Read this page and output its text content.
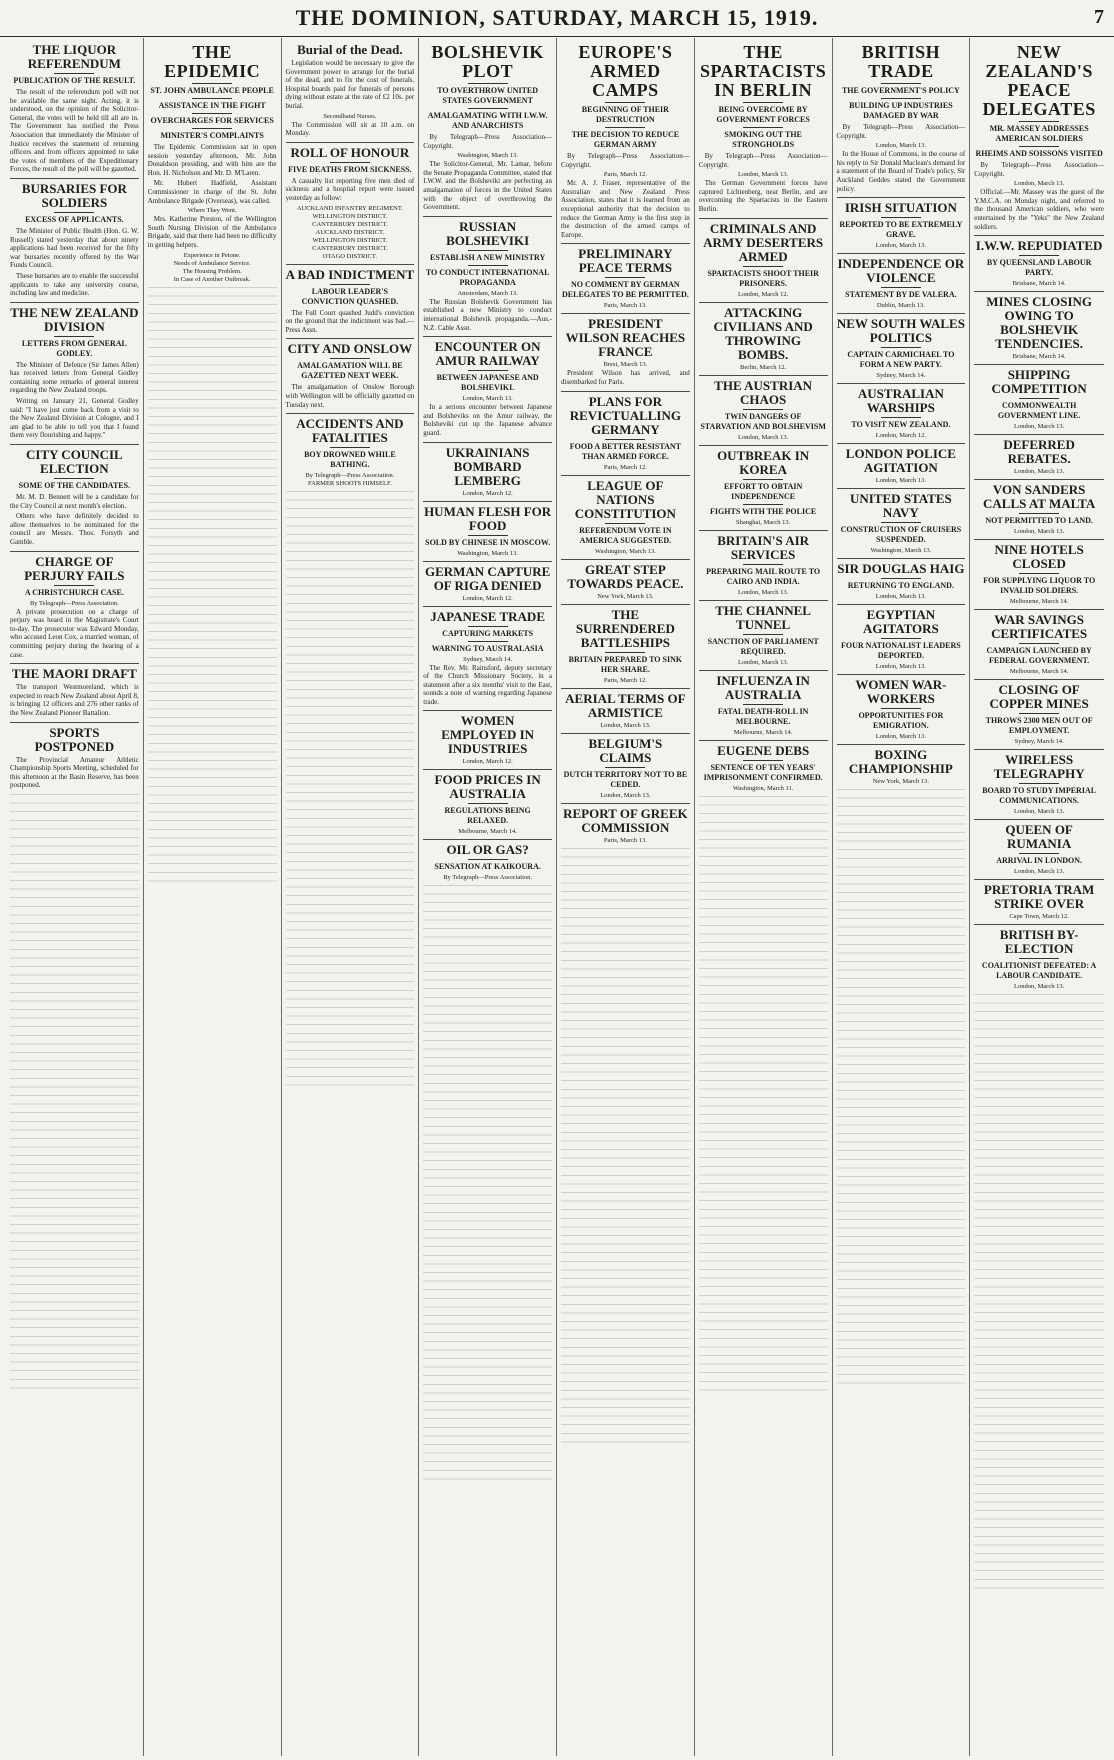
THE DOMINION, SATURDAY, MARCH 15, 1919.	7
THE LIQUOR REFERENDUM
PUBLICATION OF THE RESULT.

The result of the referendum poll will not be available the same night. Acting, it is understood, on the opinion of the Solicitor-General, the votes will be held till all are in. The Government has notified the Press Association that immediately the Minister of Justice receives the statement of returning officers and from officers appointed to take the votes of members of the Expeditionary Forces, the result of the poll will be gazetted.

BURSARIES FOR SOLDIERS
EXCESS OF APPLICANTS.

The Minister of Public Health (Hon. G. W. Russell) stated yesterday that about ninety applications had been received for the fifty war bursaries recently offered by the War Funds Council.

These bursaries are to enable the successful applicants to take any university course, including law and medicine.

THE NEW ZEALAND DIVISION
LETTERS FROM GENERAL GODLEY.

The Minister of Defence (Sir James Allen) has received letters from General Godley containing some remarks of general interest regarding the New Zealand troops.

Writing on January 21, General Godley said: "I have just come back from a visit to the New Zealand Division at Cologne, and I am glad to be able to tell you that I found them very flourishing and happy."

CITY COUNCIL ELECTION
SOME OF THE CANDIDATES.

Mr. M. D. Bennett will be a candidate for the City Council at next month's election.

Others who have definitely decided to allow themselves to be nominated for the council are Messrs. Thos. Forsyth and Gamble.

CHARGE OF PERJURY FAILS
A CHRISTCHURCH CASE.

By Telegraph—Press Association.

A private prosecution on a charge of perjury was heard in the Magistrate's Court to-day. The prosecutor was Edward Monday, who accused Leon Cox, a married woman, of committing perjury during the hearing of a case.

THE MAORI DRAFT

The transport Westmoreland, which is expected to reach New Zealand about April 8, is bringing 12 officers and 276 other ranks of the New Zealand Pioneer Battalion.

SPORTS POSTPONED

The Provincial Amateur Athletic Championship Sports Meeting, scheduled for this afternoon at the Basin Reserve, has been postponed.

THE EPIDEMIC
ST. JOHN AMBULANCE PEOPLE
ASSISTANCE IN THE FIGHT
OVERCHARGES FOR SERVICES
MINISTER'S COMPLAINTS

The Epidemic Commission sat in open session yesterday afternoon, Mr. John Donaldson presiding, and with him are the Hon. H. Nicholson and Mr. D. M'Laren.

Mr. Hubert Hadfield, Assistant Commissioner in charge of the St. John Ambulance Brigade (Overseas), was called.

Where They Went.

Mrs. Katherine Preston, of the Wellington South Nursing Division of the Ambulance Brigade, said that there had been no difficulty in getting helpers.

Experience in Petone.

Needs of Ambulance Service.

The Housing Problem.

In Case of Another Outbreak.

Burial of the Dead.

Legislation would be necessary to give the Government power to arrange for the burial of the dead, and to fix the cost of funerals. Hospital boards paid for funerals of persons dying without estate at the rate of £2 10s. per burial.

Secondhand Nurses.

The Commission will sit at 10 a.m. on Monday.

ROLL OF HONOUR
FIVE DEATHS FROM SICKNESS.

A casualty list reporting five men died of sickness and a hospital report were issued yesterday as follow:

AUCKLAND INFANTRY REGIMENT.

WELLINGTON DISTRICT.

CANTERBURY DISTRICT.

AUCKLAND DISTRICT.

WELLINGTON DISTRICT.

CANTERBURY DISTRICT.

OTAGO DISTRICT.

A BAD INDICTMENT
LABOUR LEADER'S CONVICTION QUASHED.

The Full Court quashed Judd's conviction on the ground that the indictment was bad.—Press Assn.

CITY AND ONSLOW
AMALGAMATION WILL BE GAZETTED NEXT WEEK.

The amalgamation of Onslow Borough with Wellington will be officially gazetted on Tuesday next.

ACCIDENTS AND FATALITIES
BOY DROWNED WHILE BATHING.

By Telegraph—Press Association.

FARMER SHOOTS HIMSELF.

BOLSHEVIK PLOT
TO OVERTHROW UNITED STATES GOVERNMENT
AMALGAMATING WITH I.W.W. AND ANARCHISTS

By Telegraph—Press Association—Copyright.

Washington, March 13.

The Solicitor-General, Mr. Lamar, before the Senate Propaganda Committee, stated that I.W.W. and the Bolsheviki are perfecting an amalgamation of forces in the United States with the object of overthrowing the Government.

RUSSIAN BOLSHEVIKI
ESTABLISH A NEW MINISTRY
TO CONDUCT INTERNATIONAL PROPAGANDA

Amsterdam, March 13.

The Russian Bolshevik Government has established a new Ministry to conduct international Bolshevik propaganda.—Aus.-N.Z. Cable Assn.

ENCOUNTER ON AMUR RAILWAY
BETWEEN JAPANESE AND BOLSHEVIKI.

London, March 13.

In a serious encounter between Japanese and Bolsheviks on the Amur railway, the Bolsheviki cut up the Japanese advance guard.

UKRAINIANS BOMBARD LEMBERG

London, March 12.

HUMAN FLESH FOR FOOD
SOLD BY CHINESE IN MOSCOW.

Washington, March 13.

GERMAN CAPTURE OF RIGA DENIED

London, March 12.

JAPANESE TRADE
CAPTURING MARKETS
WARNING TO AUSTRALASIA

Sydney, March 14.

The Rev. Mr. Rainsford, deputy secretary of the Church Missionary Society, in a statement after a six months' visit to the East, sounds a note of warning regarding Japanese trade.

WOMEN EMPLOYED IN INDUSTRIES

London, March 12.

FOOD PRICES IN AUSTRALIA
REGULATIONS BEING RELAXED.

Melbourne, March 14.

OIL OR GAS?
SENSATION AT KAIKOURA.

By Telegraph—Press Association.

EUROPE'S ARMED CAMPS
BEGINNING OF THEIR DESTRUCTION
THE DECISION TO REDUCE GERMAN ARMY

By Telegraph—Press Association—Copyright.

Paris, March 12.

Mr. A. J. Fraser, representative of the Australian and New Zealand Press Association, states that it is learned from an exceptional authority that the decision to reduce the German Army is the first step in the destruction of the armed camps of Europe.

PRELIMINARY PEACE TERMS
NO COMMENT BY GERMAN DELEGATES TO BE PERMITTED.

Paris, March 13.

PRESIDENT WILSON REACHES FRANCE

Brest, March 13.

President Wilson has arrived, and disembarked for Paris.

PLANS FOR REVICTUALLING GERMANY
FOOD A BETTER RESISTANT THAN ARMED FORCE.

Paris, March 12.

LEAGUE OF NATIONS CONSTITUTION
REFERENDUM VOTE IN AMERICA SUGGESTED.

Washington, March 13.

GREAT STEP TOWARDS PEACE.

New York, March 13.

THE SURRENDERED BATTLESHIPS
BRITAIN PREPARED TO SINK HER SHARE.

Paris, March 12.

AERIAL TERMS OF ARMISTICE

London, March 13.

BELGIUM'S CLAIMS
DUTCH TERRITORY NOT TO BE CEDED.

London, March 13.

REPORT OF GREEK COMMISSION

Paris, March 13.

THE SPARTACISTS IN BERLIN
BEING OVERCOME BY GOVERNMENT FORCES
SMOKING OUT THE STRONGHOLDS

By Telegraph—Press Association—Copyright.

London, March 13.

The German Government forces have captured Lichtenberg, near Berlin, and are overcoming the Spartacists in the Eastern Berlin.

CRIMINALS AND ARMY DESERTERS ARMED
SPARTACISTS SHOOT THEIR PRISONERS.

London, March 12.

ATTACKING CIVILIANS AND THROWING BOMBS.

Berlin, March 12.

THE AUSTRIAN CHAOS
TWIN DANGERS OF STARVATION AND BOLSHEVISM

London, March 13.

OUTBREAK IN KOREA
EFFORT TO OBTAIN INDEPENDENCE
FIGHTS WITH THE POLICE

Shanghai, March 13.

BRITAIN'S AIR SERVICES
PREPARING MAIL ROUTE TO CAIRO AND INDIA.

London, March 13.

THE CHANNEL TUNNEL
SANCTION OF PARLIAMENT REQUIRED.

London, March 13.

INFLUENZA IN AUSTRALIA
FATAL DEATH-ROLL IN MELBOURNE.

Melbourne, March 14.

EUGENE DEBS
SENTENCE OF TEN YEARS' IMPRISONMENT CONFIRMED.

Washington, March 11.

BRITISH TRADE
THE GOVERNMENT'S POLICY
BUILDING UP INDUSTRIES DAMAGED BY WAR

By Telegraph—Press Association—Copyright.

London, March 13.

In the House of Commons, in the course of his reply to Sir Donald Maclean's demand for a statement of the Board of Trade's policy, Sir Auckland Geddes stated the Government policy.

IRISH SITUATION
REPORTED TO BE EXTREMELY GRAVE.

London, March 13.

INDEPENDENCE OR VIOLENCE
STATEMENT BY DE VALERA.

Dublin, March 13.

NEW SOUTH WALES POLITICS
CAPTAIN CARMICHAEL TO FORM A NEW PARTY.

Sydney, March 14.

AUSTRALIAN WARSHIPS
TO VISIT NEW ZEALAND.

London, March 12.

LONDON POLICE AGITATION

London, March 13.

UNITED STATES NAVY
CONSTRUCTION OF CRUISERS SUSPENDED.

Washington, March 13.

SIR DOUGLAS HAIG
RETURNING TO ENGLAND.

London, March 13.

EGYPTIAN AGITATORS
FOUR NATIONALIST LEADERS DEPORTED.

London, March 13.

WOMEN WAR-WORKERS
OPPORTUNITIES FOR EMIGRATION.

London, March 13.

BOXING CHAMPIONSHIP

New York, March 13.

NEW ZEALAND'S PEACE DELEGATES
MR. MASSEY ADDRESSES AMERICAN SOLDIERS
RHEIMS AND SOISSONS VISITED

By Telegraph—Press Association—Copyright.

London, March 13.

Official.—Mr. Massey was the guest of the Y.M.C.A. on Monday night, and referred to the thousand American soldiers, who were entertained by the "Yeks" the New Zealand soldiers.

I.W.W. REPUDIATED
BY QUEENSLAND LABOUR PARTY.

Brisbane, March 14.

MINES CLOSING OWING TO BOLSHEVIK TENDENCIES.

Brisbane, March 14.

SHIPPING COMPETITION
COMMONWEALTH GOVERNMENT LINE.

London, March 13.

DEFERRED REBATES.

London, March 13.

VON SANDERS CALLS AT MALTA
NOT PERMITTED TO LAND.

London, March 13.

NINE HOTELS CLOSED
FOR SUPPLYING LIQUOR TO INVALID SOLDIERS.

Melbourne, March 14.

WAR SAVINGS CERTIFICATES
CAMPAIGN LAUNCHED BY FEDERAL GOVERNMENT.

Melbourne, March 14.

CLOSING OF COPPER MINES
THROWS 2300 MEN OUT OF EMPLOYMENT.

Sydney, March 14.

WIRELESS TELEGRAPHY
BOARD TO STUDY IMPERIAL COMMUNICATIONS.

London, March 13.

QUEEN OF RUMANIA
ARRIVAL IN LONDON.

London, March 13.

PRETORIA TRAM STRIKE OVER

Cape Town, March 12.

BRITISH BY-ELECTION
COALITIONIST DEFEATED: A LABOUR CANDIDATE.

London, March 13.
